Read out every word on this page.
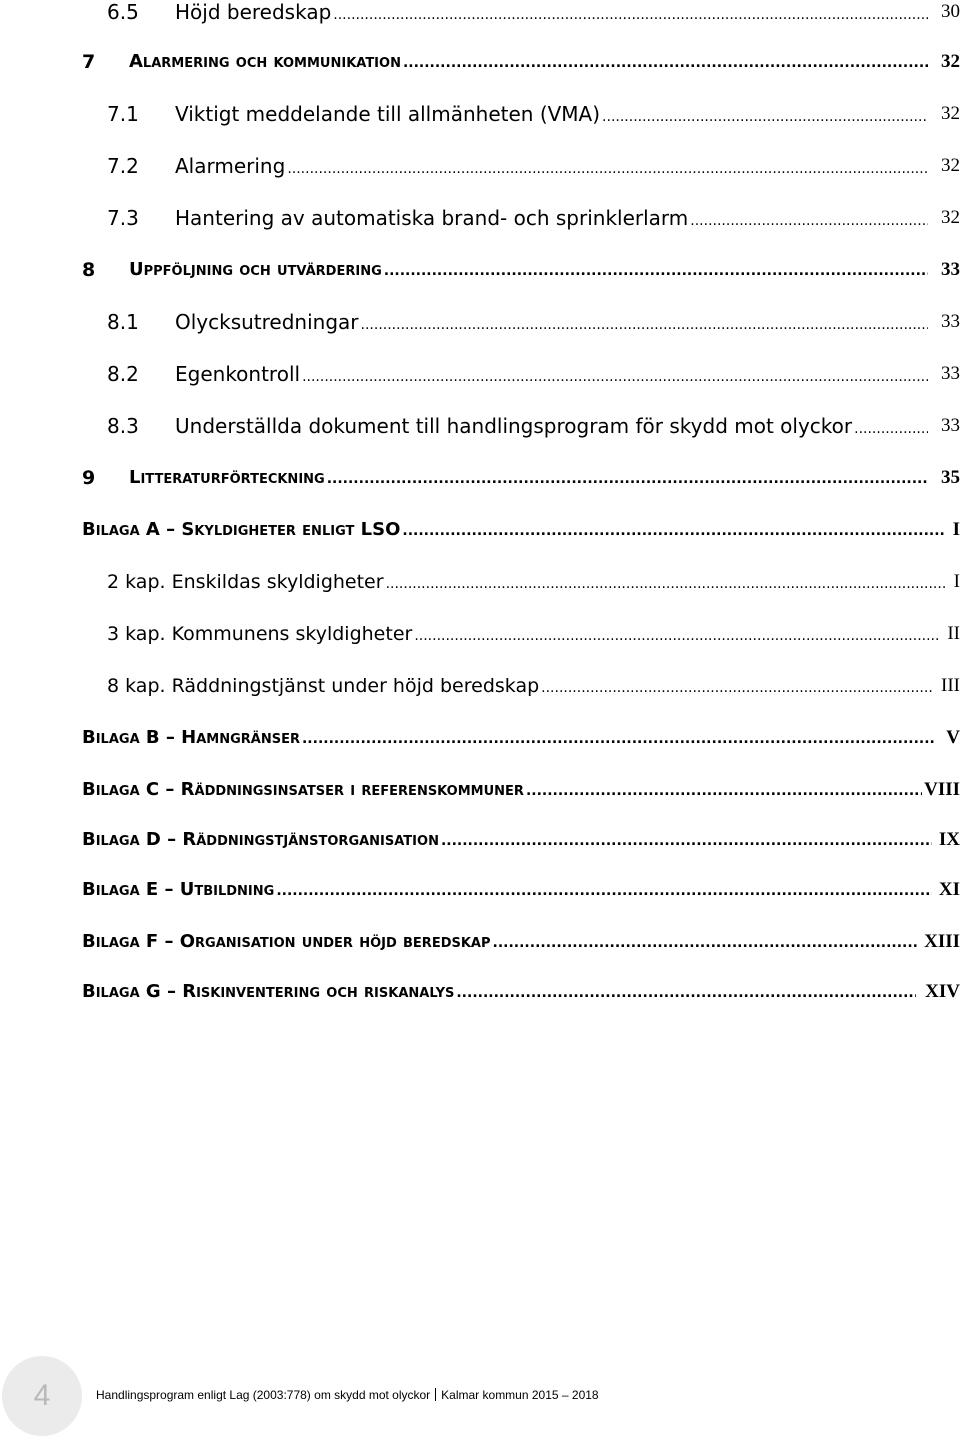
6.5 Höjd beredskap .....	30
7 Alarmering och kommunikation .....	32
7.1 Viktigt meddelande till allmänheten (VMA) .....	32
7.2 Alarmering .....	32
7.3 Hantering av automatiska brand- och sprinklerlarm .....	32
8 Uppföljning och utvärdering .....	33
8.1 Olycksutredningar .....	33
8.2 Egenkontroll .....	33
8.3 Underställda dokument till handlingsprogram för skydd mot olyckor .....	33
9 Litteraturförteckning .....	35
Bilaga A – Skyldigheter enligt LSO .....	I
2 kap. Enskildas skyldigheter .....	I
3 kap. Kommunens skyldigheter .....	II
8 kap. Räddningstjänst under höjd beredskap .....	III
Bilaga B – Hamngränser .....	V
Bilaga C – Räddningsinsatser i referenskommuner .....	VIII
Bilaga D – Räddningstjänstorganisation .....	IX
Bilaga E – Utbildning .....	XI
Bilaga F – Organisation under höjd beredskap .....	XIII
Bilaga G – Riskinventering och riskanalys .....	XIV
4	Handlingsprogram enligt Lag (2003:778) om skydd mot olyckor Kalmar kommun 2015 – 2018
